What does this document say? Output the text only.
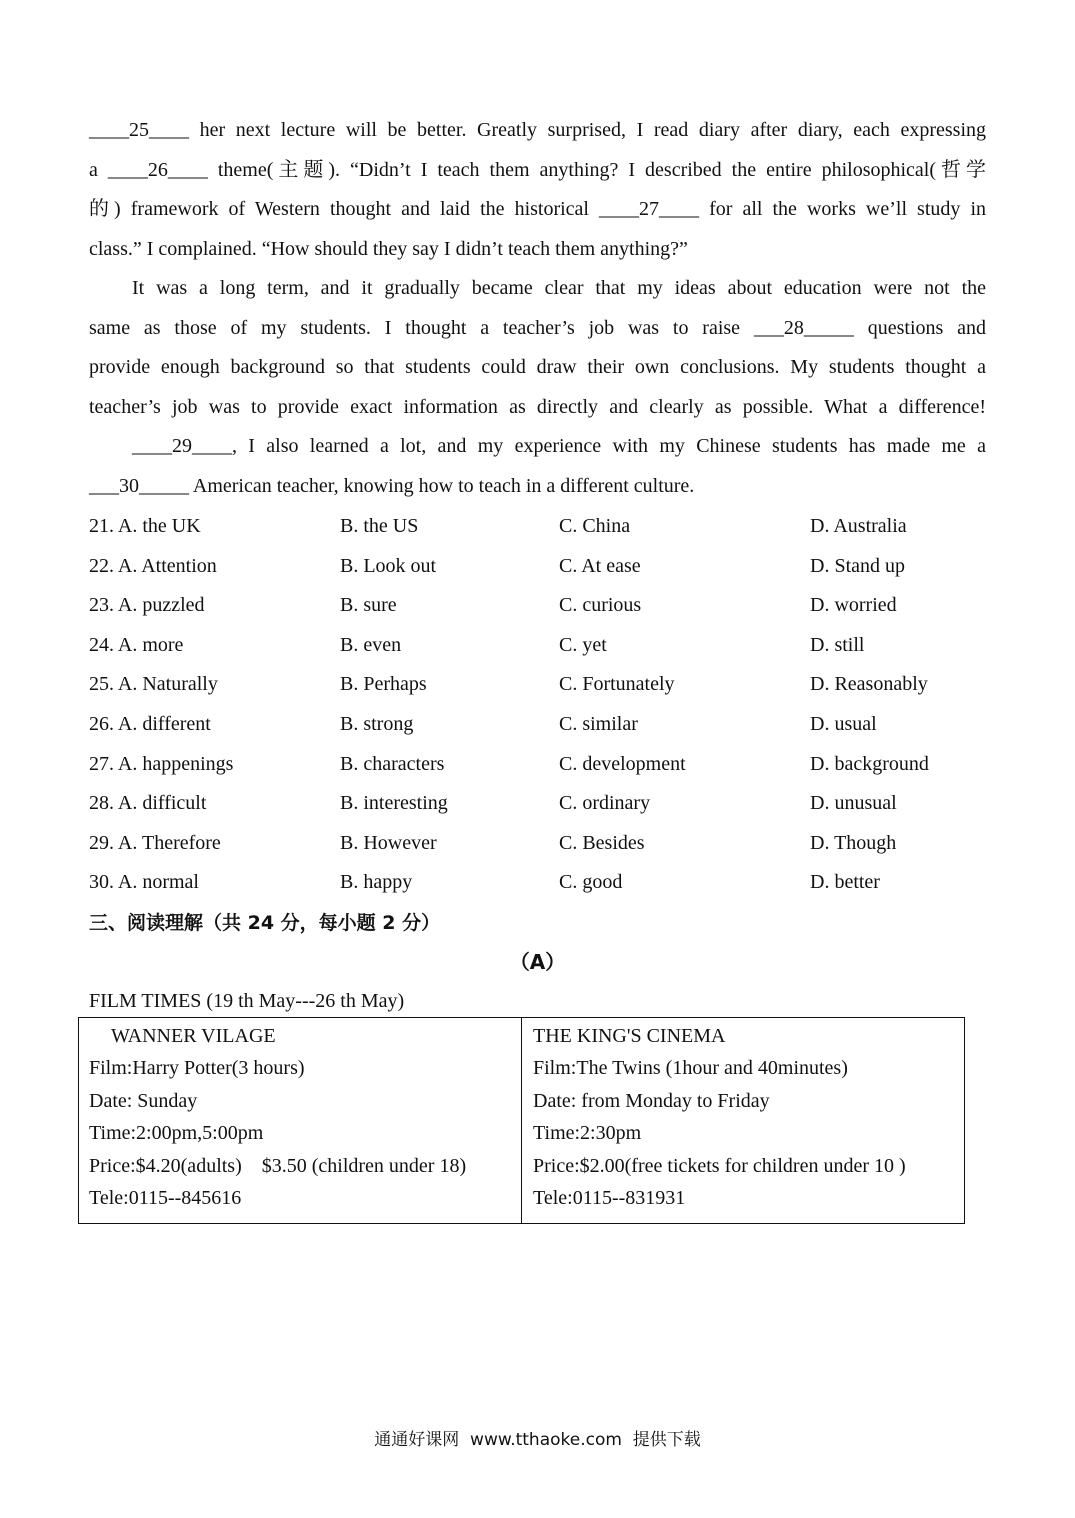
____25____ her next lecture will be better. Greatly surprised, I read diary after diary, each expressing
a ____26____ theme(主题). “Didn’t I teach them anything? I described the entire philosophical(哲学
的) framework of Western thought and laid the historical ____27____ for all the works we’ll study in
class.” I complained. “How should they say I didn’t teach them anything?”
It was a long term, and it gradually became clear that my ideas about education were not the
same as those of my students. I thought a teacher’s job was to raise ___28_____ questions and
provide enough background so that students could draw their own conclusions. My students thought a
teacher’s job was to provide exact information as directly and clearly as possible. What a difference!
____29____, I also learned a lot, and my experience with my Chinese students has made me a
___30_____ American teacher, knowing how to teach in a different culture.
21. A. the UK	B. the US	C. China	D. Australia
22. A. Attention	B. Look out	C. At ease	D. Stand up
23. A. puzzled	B. sure	C. curious	D. worried
24. A. more	B. even	C. yet	D. still
25. A. Naturally	B. Perhaps	C. Fortunately	D. Reasonably
26. A. different	B. strong	C. similar	D. usual
27. A. happenings	B. characters	C. development	D. background
28. A. difficult	B. interesting	C. ordinary	D. unusual
29. A. Therefore	B. However	C. Besides	D. Though
30. A. normal	B. happy	C. good	D. better
三、阅读理解（共 24 分，每小题 2 分）
（A）
FILM TIMES (19 th May---26 th May)
WANNER VILAGE
Film:Harry Potter(3 hours)
Date: Sunday
Time:2:00pm,5:00pm
Price:$4.20(adults)    $3.50 (children under 18)
Tele:0115--845616
THE KING'S CINEMA
Film:The Twins (1hour and 40minutes)
Date: from Monday to Friday
Time:2:30pm
Price:$2.00(free tickets for children under 10 )
Tele:0115--831931
通通好课网  www.tthaoke.com  提供下载
